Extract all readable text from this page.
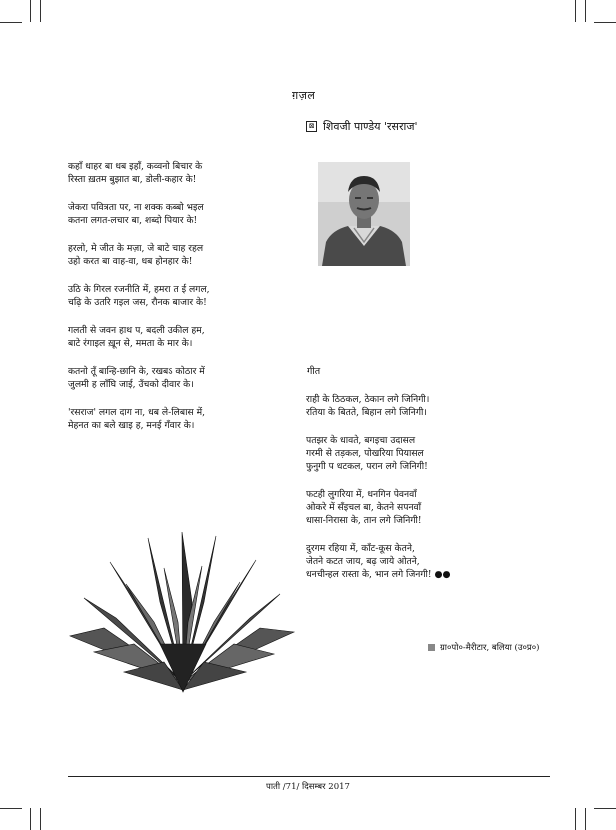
ग़ज़ल
⊠ शिवजी पाण्डेय 'रसराज'
कहाँ धाहर बा धब इहाँ, कव्वनो बिचार के
रिस्ता ख़तम बुझात बा, डोली-कहार के!
जेकरा पवित्रता पर, ना शक्क कब्बो भइल
कतना लगत-लचार बा, शब्दो पियार के!
हरलो, मे जीत के मज़ा, जे बाटे चाह रहल
उहो करत बा वाह-वा, धब होनहार के!
उठि के गिरल रजनीति में, हमरा त ई लगल,
चढ़ि के उतरि गइल जस, रौनक बाजार के!
गलती से जवन हाथ प, बदली उकील हम,
बाटे रंगाइल ख़ून से, ममता के मार के।
कतनो तूँ बान्हि-छानि के, रखबऽ कोठार में
जुलमी ह लाँघि जाई, उँचको दीवार के।
'रसराज' लगल दाग ना, धब ले-लिबास में,
मेहनत का बले खाइ ह, मनई गँवार के।
गीत
राही के ठिठकल, ठेकान लगे जिनिगी।
रतिया के बितते, बिहान लगे जिनिगी।
पतझर के धावते, बगइचा उदासल
गरमी से तड़कल, पोखरिया पियासल
फुनुगी प धटकल, परान लगे जिनिगी!
फटही लुगरिया में, धनगिन पेवनवाँ
ओकरे में सँइचल बा, केतने सपनवाँ
धासा-निरासा के, तान लगे जिनिगी!
दुरगम रहिया में, काँट-कूस केतने,
जेतने कटत जाय, बढ़ जाये ओतने,
धनचीन्हल रास्ता के, भान लगे जिनगी! ●●
ग्रा०पो०-मैरीटार, बलिया (उ०प्र०)
पाती /71/ दिसम्बर 2017
